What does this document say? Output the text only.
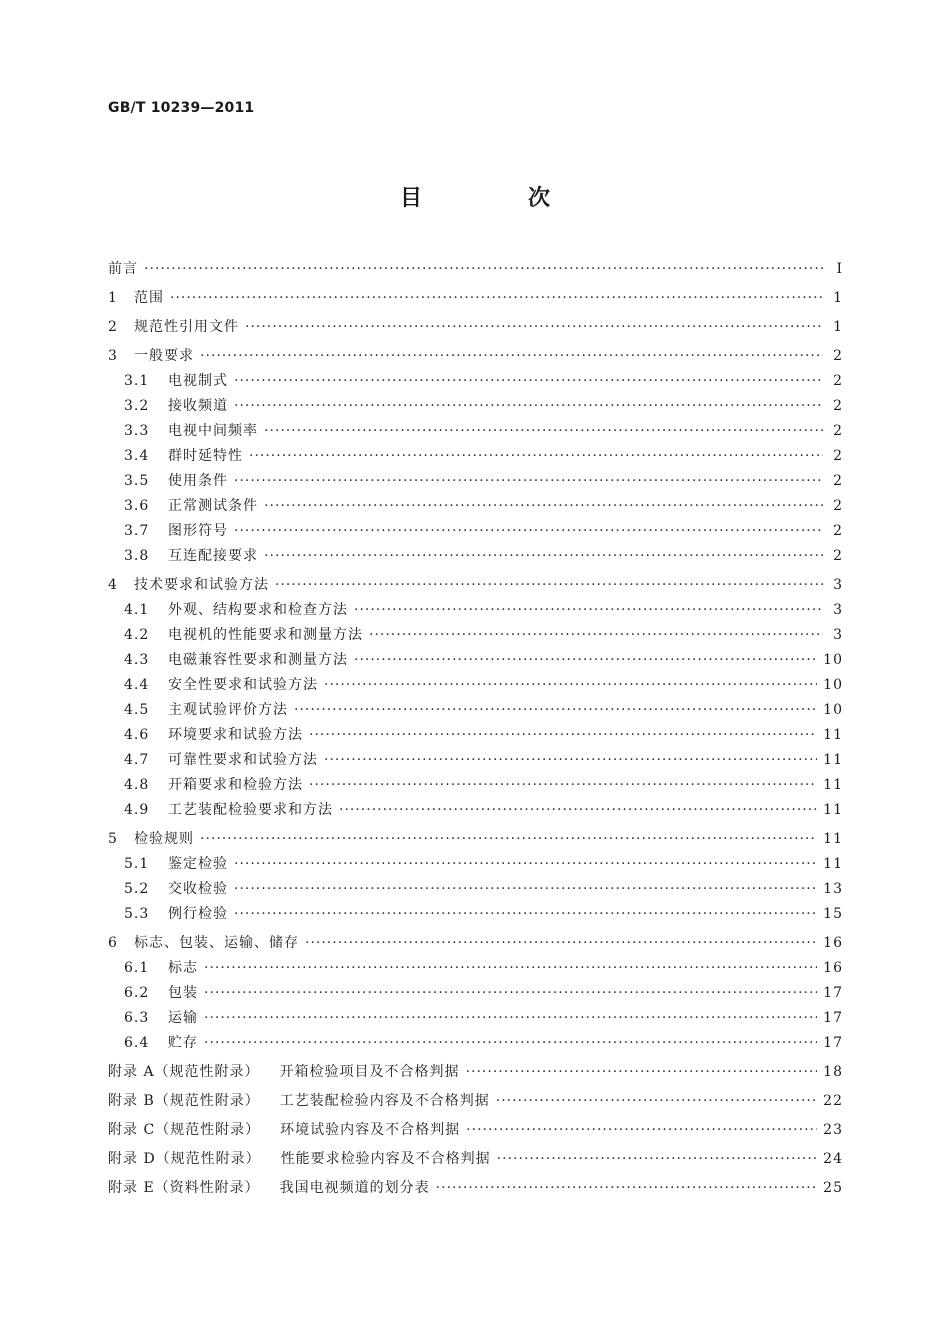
GB/T 10239—2011
目　次
前言 ·····	Ⅰ
1	范围 ·····	1
2	规范性引用文件 ·····	1
3	一般要求 ·····	2
3.1	电视制式 ·····	2
3.2	接收频道 ·····	2
3.3	电视中间频率 ·····	2
3.4	群时延特性 ·····	2
3.5	使用条件 ·····	2
3.6	正常测试条件 ·····	2
3.7	图形符号 ·····	2
3.8	互连配接要求 ·····	2
4	技术要求和试验方法 ·····	3
4.1	外观、结构要求和检查方法 ·····	3
4.2	电视机的性能要求和测量方法 ·····	3
4.3	电磁兼容性要求和测量方法 ·····	10
4.4	安全性要求和试验方法 ·····	10
4.5	主观试验评价方法 ·····	10
4.6	环境要求和试验方法 ·····	11
4.7	可靠性要求和试验方法 ·····	11
4.8	开箱要求和检验方法 ·····	11
4.9	工艺装配检验要求和方法 ·····	11
5	检验规则 ·····	11
5.1	鉴定检验 ·····	11
5.2	交收检验 ·····	13
5.3	例行检验 ·····	15
6	标志、包装、运输、储存 ·····	16
6.1	标志 ·····	16
6.2	包装 ·····	17
6.3	运输 ·····	17
6.4	贮存 ·····	17
附录 A（规范性附录） 开箱检验项目及不合格判据 ·····	18
附录 B（规范性附录） 工艺装配检验内容及不合格判据 ·····	22
附录 C（规范性附录） 环境试验内容及不合格判据 ·····	23
附录 D（规范性附录） 性能要求检验内容及不合格判据 ·····	24
附录 E（资料性附录） 我国电视频道的划分表 ·····	25
